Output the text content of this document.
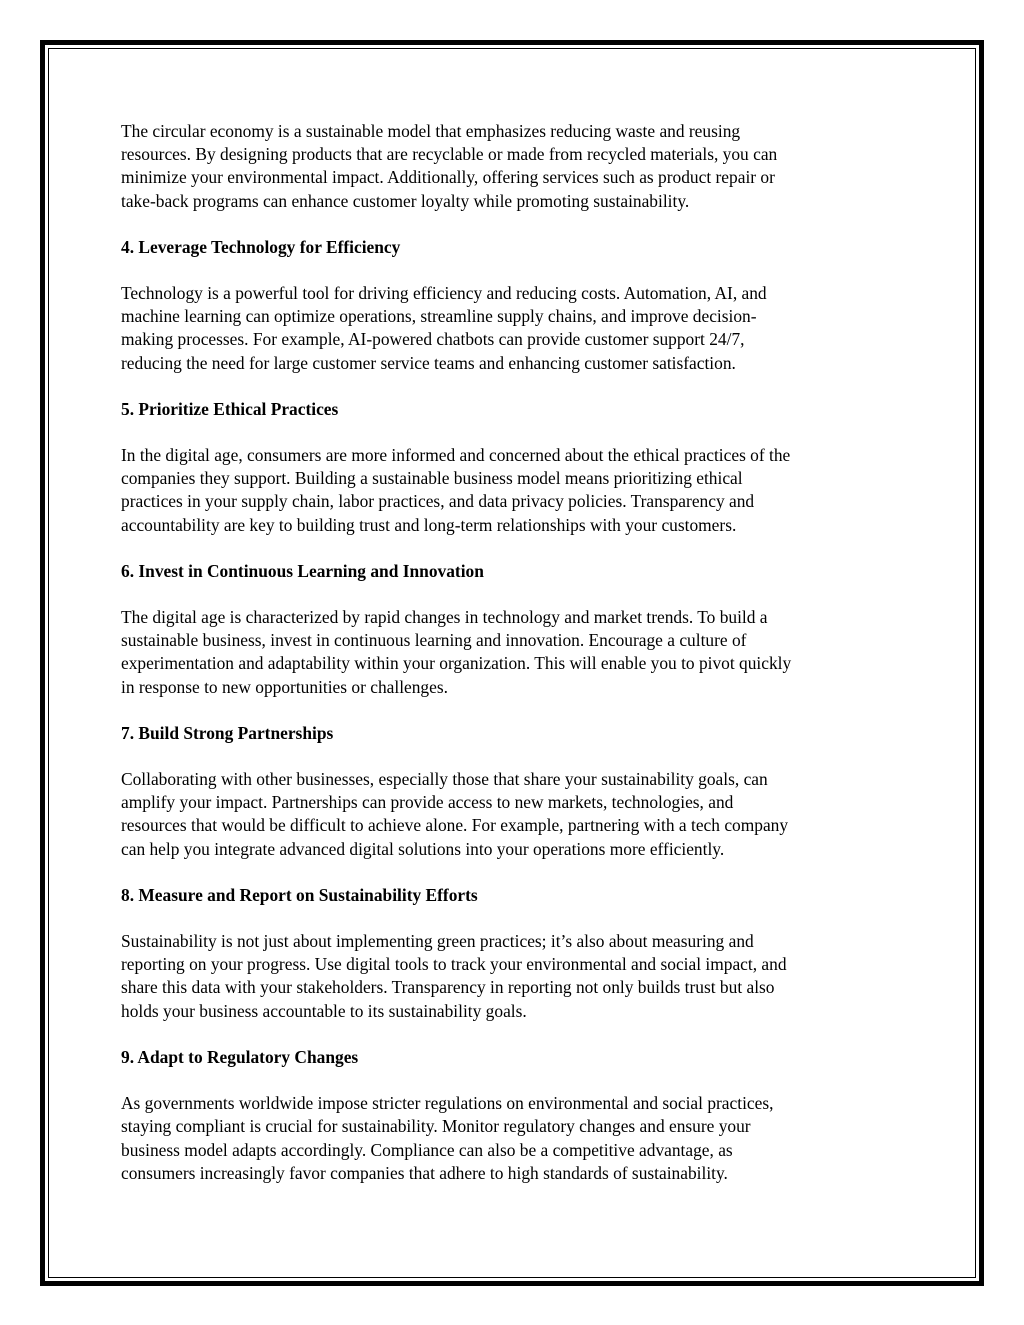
The circular economy is a sustainable model that emphasizes reducing waste and reusing
resources. By designing products that are recyclable or made from recycled materials, you can
minimize your environmental impact. Additionally, offering services such as product repair or
take-back programs can enhance customer loyalty while promoting sustainability.

4. Leverage Technology for Efficiency

Technology is a powerful tool for driving efficiency and reducing costs. Automation, AI, and
machine learning can optimize operations, streamline supply chains, and improve decision-
making processes. For example, AI-powered chatbots can provide customer support 24/7,
reducing the need for large customer service teams and enhancing customer satisfaction.

5. Prioritize Ethical Practices

In the digital age, consumers are more informed and concerned about the ethical practices of the
companies they support. Building a sustainable business model means prioritizing ethical
practices in your supply chain, labor practices, and data privacy policies. Transparency and
accountability are key to building trust and long-term relationships with your customers.

6. Invest in Continuous Learning and Innovation

The digital age is characterized by rapid changes in technology and market trends. To build a
sustainable business, invest in continuous learning and innovation. Encourage a culture of
experimentation and adaptability within your organization. This will enable you to pivot quickly
in response to new opportunities or challenges.

7. Build Strong Partnerships

Collaborating with other businesses, especially those that share your sustainability goals, can
amplify your impact. Partnerships can provide access to new markets, technologies, and
resources that would be difficult to achieve alone. For example, partnering with a tech company
can help you integrate advanced digital solutions into your operations more efficiently.

8. Measure and Report on Sustainability Efforts

Sustainability is not just about implementing green practices; it’s also about measuring and
reporting on your progress. Use digital tools to track your environmental and social impact, and
share this data with your stakeholders. Transparency in reporting not only builds trust but also
holds your business accountable to its sustainability goals.

9. Adapt to Regulatory Changes

As governments worldwide impose stricter regulations on environmental and social practices,
staying compliant is crucial for sustainability. Monitor regulatory changes and ensure your
business model adapts accordingly. Compliance can also be a competitive advantage, as
consumers increasingly favor companies that adhere to high standards of sustainability.
